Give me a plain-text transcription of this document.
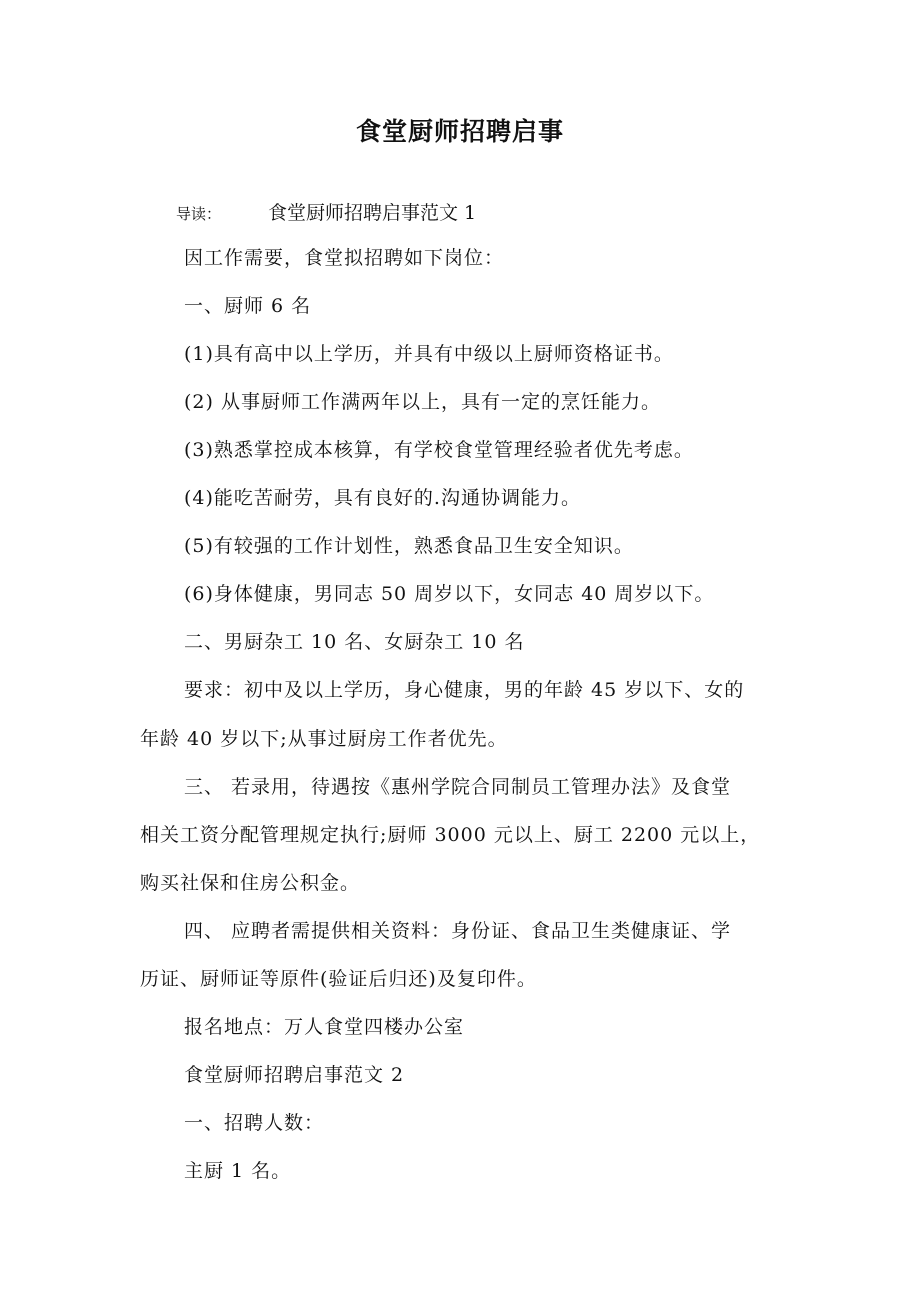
食堂厨师招聘启事
导读： 食堂厨师招聘启事范文 1

因工作需要，食堂拟招聘如下岗位：

一、厨师 6 名

(1)具有高中以上学历，并具有中级以上厨师资格证书。

(2) 从事厨师工作满两年以上，具有一定的烹饪能力。

(3)熟悉掌控成本核算，有学校食堂管理经验者优先考虑。

(4)能吃苦耐劳，具有良好的.沟通协调能力。

(5)有较强的工作计划性，熟悉食品卫生安全知识。

(6)身体健康，男同志 50 周岁以下，女同志 40 周岁以下。

二、男厨杂工 10 名、女厨杂工 10 名

要求：初中及以上学历，身心健康，男的年龄 45 岁以下、女的

年龄 40 岁以下;从事过厨房工作者优先。

三、 若录用，待遇按《惠州学院合同制员工管理办法》及食堂

相关工资分配管理规定执行;厨师 3000 元以上、厨工 2200 元以上，

购买社保和住房公积金。

四、 应聘者需提供相关资料：身份证、食品卫生类健康证、学

历证、厨师证等原件(验证后归还)及复印件。

报名地点：万人食堂四楼办公室

食堂厨师招聘启事范文 2

一、招聘人数：

主厨 1 名。
